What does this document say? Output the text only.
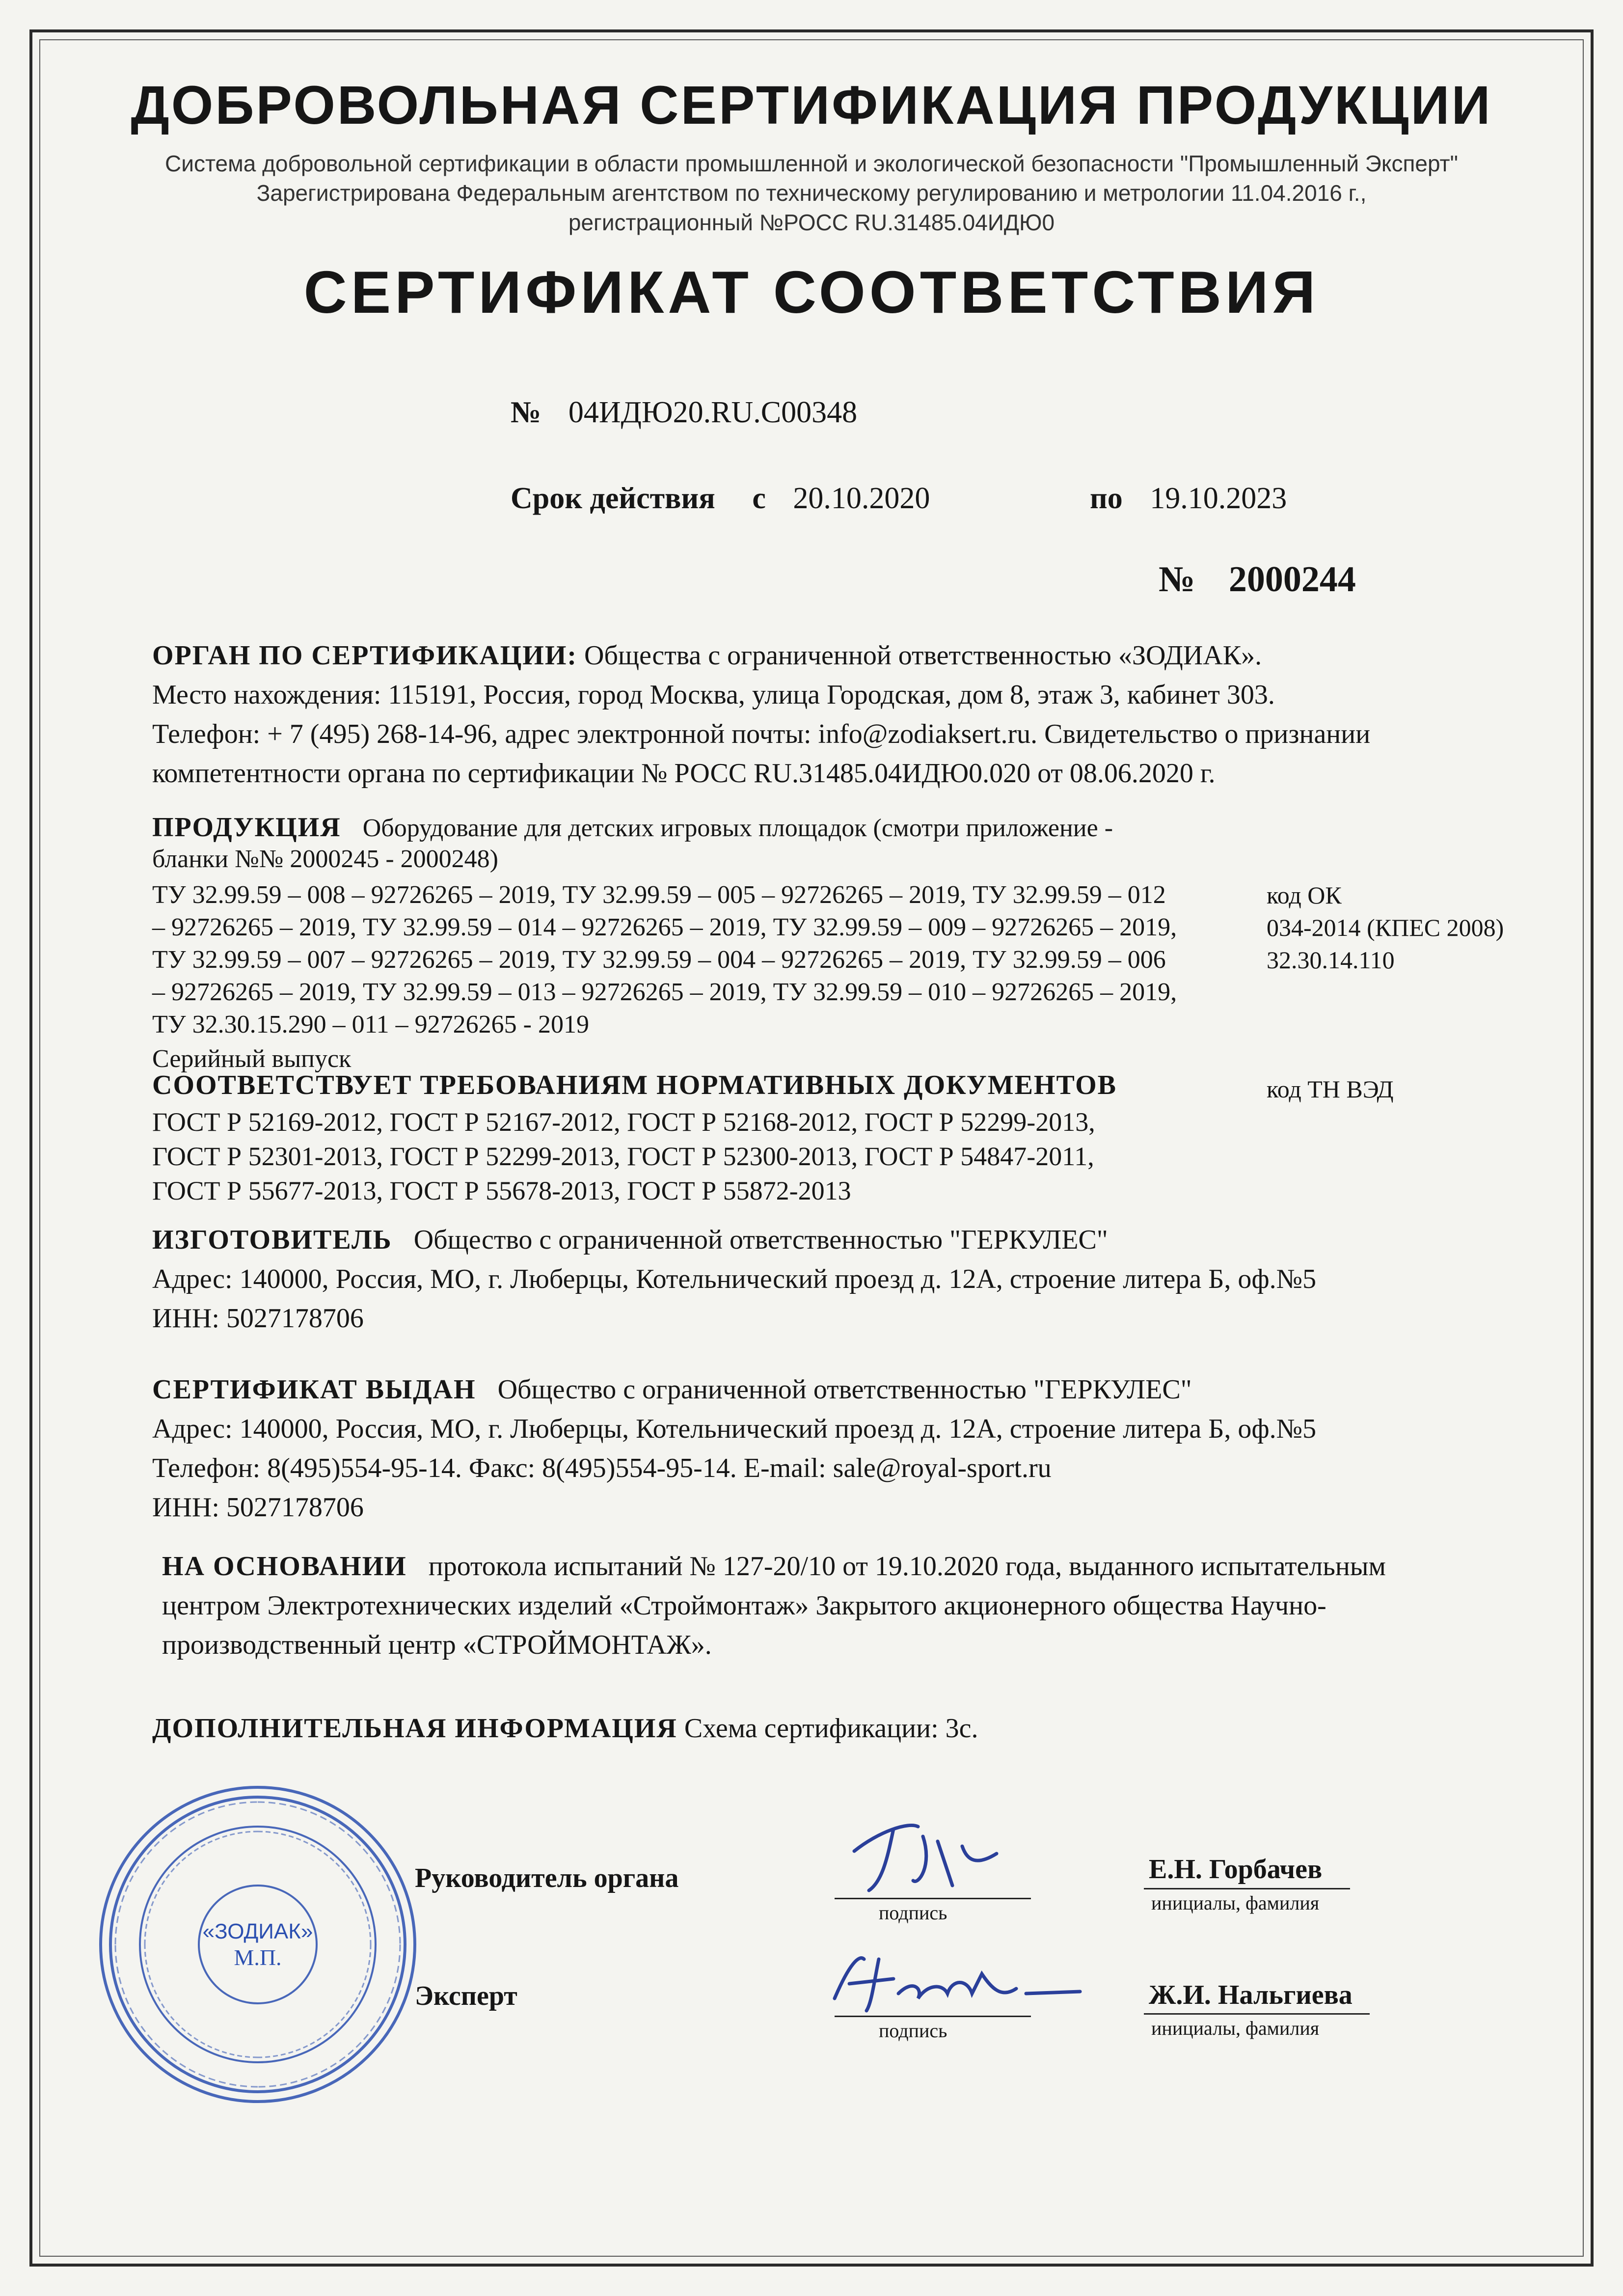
ДОБРОВОЛЬНАЯ СЕРТИФИКАЦИЯ ПРОДУКЦИИ
Система добровольной сертификации в области промышленной и экологической безопасности "Промышленный Эксперт"
Зарегистрирована Федеральным агентством по техническому регулированию и метрологии 11.04.2016 г.,
регистрационный №РОСС RU.31485.04ИДЮ0
СЕРТИФИКАТ СООТВЕТСТВИЯ
№ 04ИДЮ20.RU.C00348
Срок действия с 20.10.2020	по 19.10.2023
№ 2000244
ОРГАН ПО СЕРТИФИКАЦИИ: Общества с ограниченной ответственностью «ЗОДИАК».
Место нахождения: 115191, Россия, город Москва, улица Городская, дом 8, этаж 3, кабинет 303.
Телефон: + 7 (495) 268-14-96, адрес электронной почты: info@zodiaksert.ru. Свидетельство о признании
компетентности органа по сертификации № РОСС RU.31485.04ИДЮ0.020 от 08.06.2020 г.
ПРОДУКЦИЯ Оборудование для детских игровых площадок (смотри приложение -
бланки №№ 2000245 - 2000248)
ТУ 32.99.59 – 008 – 92726265 – 2019, ТУ 32.99.59 – 005 – 92726265 – 2019, ТУ 32.99.59 – 012
– 92726265 – 2019, ТУ 32.99.59 – 014 – 92726265 – 2019, ТУ 32.99.59 – 009 – 92726265 – 2019,
ТУ 32.99.59 – 007 – 92726265 – 2019, ТУ 32.99.59 – 004 – 92726265 – 2019, ТУ 32.99.59 – 006
– 92726265 – 2019, ТУ 32.99.59 – 013 – 92726265 – 2019, ТУ 32.99.59 – 010 – 92726265 – 2019,
ТУ 32.30.15.290 – 011 – 92726265 - 2019
Серийный выпуск
код ОК
034-2014 (КПЕС 2008)
32.30.14.110
СООТВЕТСТВУЕТ ТРЕБОВАНИЯМ НОРМАТИВНЫХ ДОКУМЕНТОВ	код ТН ВЭД
ГОСТ Р 52169-2012, ГОСТ Р 52167-2012, ГОСТ Р 52168-2012, ГОСТ Р 52299-2013,
ГОСТ Р 52301-2013, ГОСТ Р 52299-2013, ГОСТ Р 52300-2013, ГОСТ Р 54847-2011,
ГОСТ Р 55677-2013, ГОСТ Р 55678-2013, ГОСТ Р 55872-2013
ИЗГОТОВИТЕЛЬ Общество с ограниченной ответственностью "ГЕРКУЛЕС"
Адрес: 140000, Россия, МО, г. Люберцы, Котельнический проезд д. 12А, строение литера Б, оф.№5
ИНН: 5027178706
СЕРТИФИКАТ ВЫДАН Общество с ограниченной ответственностью "ГЕРКУЛЕС"
Адрес: 140000, Россия, МО, г. Люберцы, Котельнический проезд д. 12А, строение литера Б, оф.№5
Телефон: 8(495)554-95-14. Факс: 8(495)554-95-14. E-mail: sale@royal-sport.ru
ИНН: 5027178706
НА ОСНОВАНИИ протокола испытаний № 127-20/10 от 19.10.2020 года, выданного испытательным
центром Электротехнических изделий «Строймонтаж» Закрытого акционерного общества Научно-
производственный центр «СТРОЙМОНТАЖ».
ДОПОЛНИТЕЛЬНАЯ ИНФОРМАЦИЯ Схема сертификации: 3с.
«ЗОДИАК»
М.П.
Руководитель органа
подпись
Е.Н. Горбачев
инициалы, фамилия
Эксперт
подпись
Ж.И. Нальгиева
инициалы, фамилия
